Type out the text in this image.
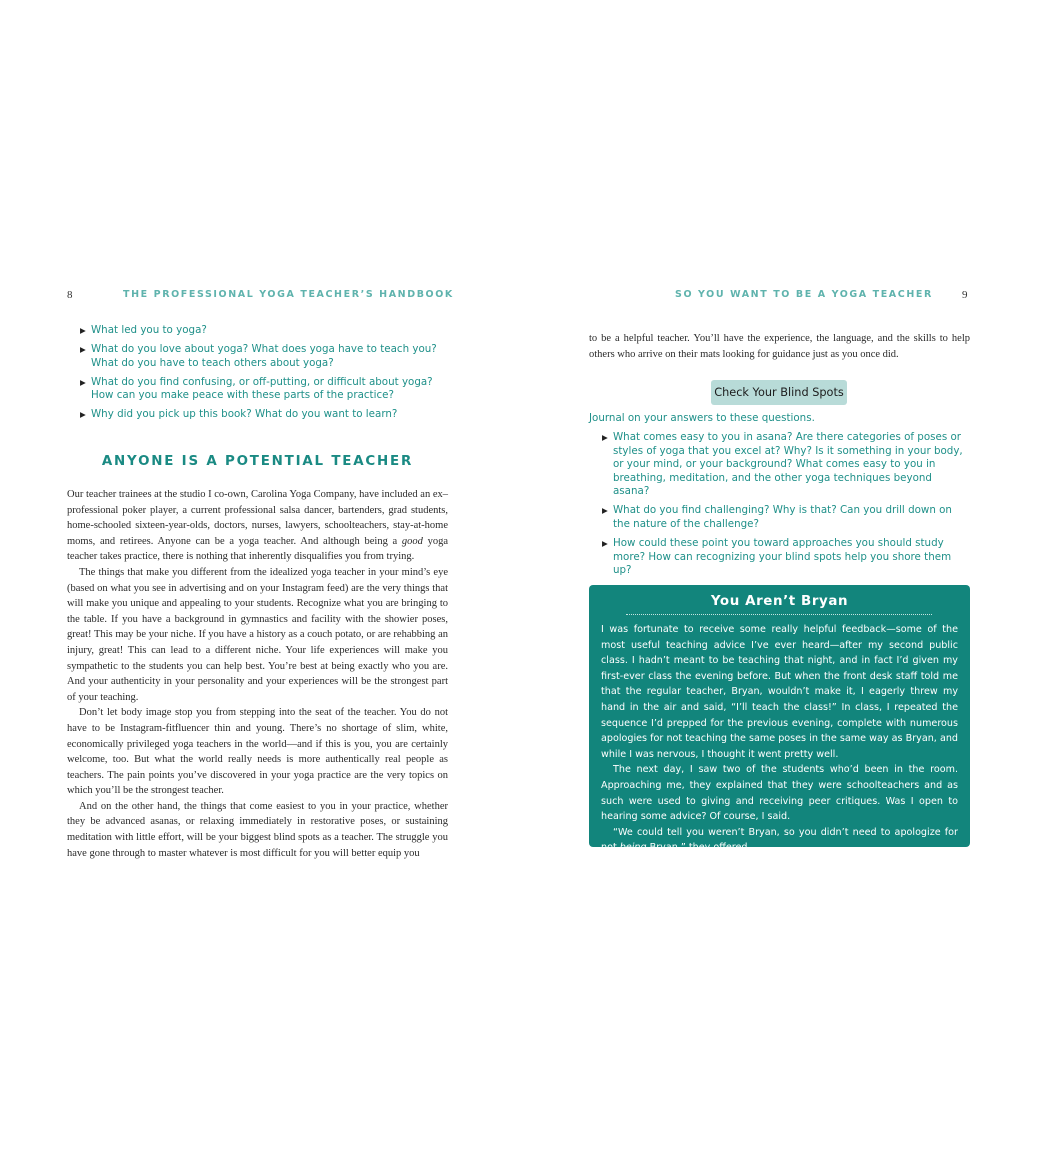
8	THE PROFESSIONAL YOGA TEACHER’S HANDBOOK
▶ What led you to yoga?
▶ What do you love about yoga? What does yoga have to teach you? What do you have to teach others about yoga?
▶ What do you find confusing, or off-putting, or difficult about yoga? How can you make peace with these parts of the practice?
▶ Why did you pick up this book? What do you want to learn?
ANYONE IS A POTENTIAL TEACHER

Our teacher trainees at the studio I co-own, Carolina Yoga Company, have included an ex–professional poker player, a current professional salsa dancer, bartenders, grad students, home-schooled sixteen-year-olds, doctors, nurses, lawyers, schoolteachers, stay-at-home moms, and retirees. Anyone can be a yoga teacher. And although being a good yoga teacher takes practice, there is nothing that inherently disqualifies you from trying.

The things that make you different from the idealized yoga teacher in your mind’s eye (based on what you see in advertising and on your Instagram feed) are the very things that will make you unique and appealing to your students. Recognize what you are bringing to the table. If you have a background in gymnastics and facility with the showier poses, great! This may be your niche. If you have a history as a couch potato, or are rehabbing an injury, great! This can lead to a different niche. Your life experiences will make you sympathetic to the students you can help best. You’re best at being exactly who you are. And your authenticity in your personality and your experiences will be the strongest part of your teaching.

Don’t let body image stop you from stepping into the seat of the teacher. You do not have to be Instagram-fitfluencer thin and young. There’s no shortage of slim, white, economically privileged yoga teachers in the world—and if this is you, you are certainly welcome, too. But what the world really needs is more authentically real people as teachers. The pain points you’ve discovered in your yoga practice are the very topics on which you’ll be the strongest teacher.

And on the other hand, the things that come easiest to you in your practice, whether they be advanced asanas, or relaxing immediately in restorative poses, or sustaining meditation with little effort, will be your biggest blind spots as a teacher. The struggle you have gone through to master whatever is most difficult for you will better equip you

SO YOU WANT TO BE A YOGA TEACHER	9

to be a helpful teacher. You’ll have the experience, the language, and the skills to help others who arrive on their mats looking for guidance just as you once did.

Check Your Blind Spots
Journal on your answers to these questions.
▶ What comes easy to you in asana? Are there categories of poses or styles of yoga that you excel at? Why? Is it something in your body, or your mind, or your background? What comes easy to you in breathing, meditation, and the other yoga techniques beyond asana?
▶ What do you find challenging? Why is that? Can you drill down on the nature of the challenge?
▶ How could these point you toward approaches you should study more? How can recognizing your blind spots help you shore them up?
You Aren’t Bryan

I was fortunate to receive some really helpful feedback—some of the most useful teaching advice I’ve ever heard—after my second public class. I hadn’t meant to be teaching that night, and in fact I’d given my first-ever class the evening before. But when the front desk staff told me that the regular teacher, Bryan, wouldn’t make it, I eagerly threw my hand in the air and said, “I’ll teach the class!” In class, I repeated the sequence I’d prepped for the previous evening, complete with numerous apologies for not teaching the same poses in the same way as Bryan, and while I was nervous, I thought it went pretty well.

The next day, I saw two of the students who’d been in the room. Approaching me, they explained that they were schoolteachers and as such were used to giving and receiving peer critiques. Was I open to hearing some advice? Of course, I said.

“We could tell you weren’t Bryan, so you didn’t need to apologize for not being Bryan,” they offered.
